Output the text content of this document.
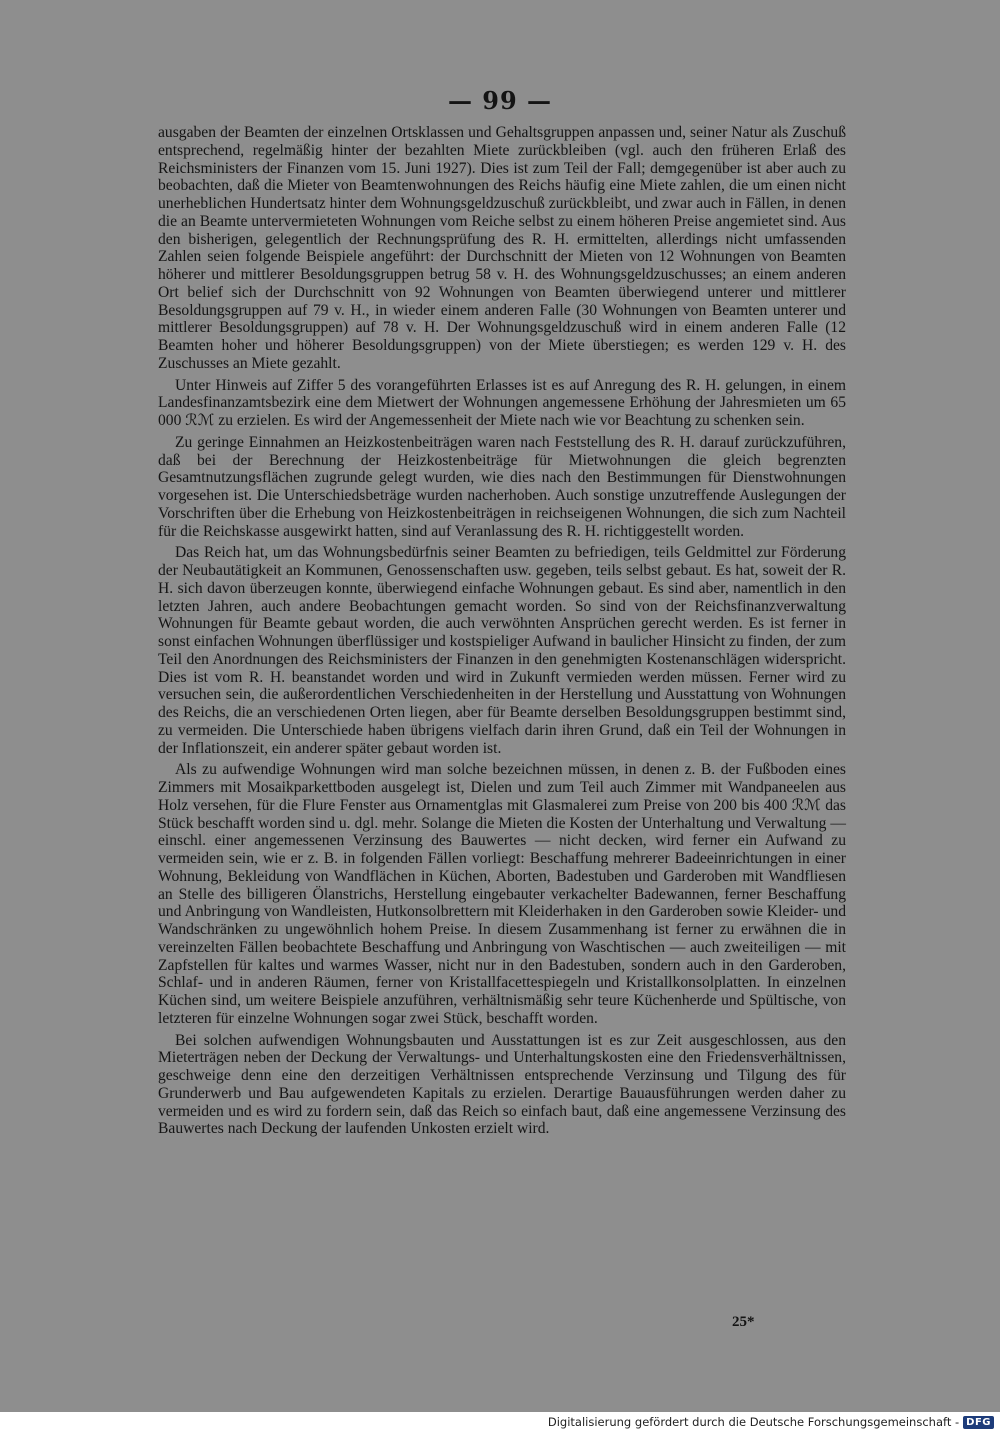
— 99 —

ausgaben der Beamten der einzelnen Ortsklassen und Gehaltsgruppen anpassen und, seiner Natur als Zuschuß entsprechend, regelmäßig hinter der bezahlten Miete zurückbleiben (vgl. auch den früheren Erlaß des Reichsministers der Finanzen vom 15. Juni 1927). Dies ist zum Teil der Fall; demgegenüber ist aber auch zu beobachten, daß die Mieter von Beamtenwohnungen des Reichs häufig eine Miete zahlen, die um einen nicht unerheblichen Hundertsatz hinter dem Wohnungsgeldzuschuß zurückbleibt, und zwar auch in Fällen, in denen die an Beamte untervermieteten Wohnungen vom Reiche selbst zu einem höheren Preise angemietet sind. Aus den bisherigen, gelegentlich der Rechnungsprüfung des R. H. ermittelten, allerdings nicht umfassenden Zahlen seien folgende Beispiele angeführt: der Durchschnitt der Mieten von 12 Wohnungen von Beamten höherer und mittlerer Besoldungsgruppen betrug 58 v. H. des Wohnungsgeldzuschusses; an einem anderen Ort belief sich der Durchschnitt von 92 Wohnungen von Beamten überwiegend unterer und mittlerer Besoldungsgruppen auf 79 v. H., in wieder einem anderen Falle (30 Wohnungen von Beamten unterer und mittlerer Besoldungsgruppen) auf 78 v. H. Der Wohnungsgeldzuschuß wird in einem anderen Falle (12 Beamten hoher und höherer Besoldungsgruppen) von der Miete überstiegen; es werden 129 v. H. des Zuschusses an Miete gezahlt.

Unter Hinweis auf Ziffer 5 des vorangeführten Erlasses ist es auf Anregung des R. H. gelungen, in einem Landesfinanzamtsbezirk eine dem Mietwert der Wohnungen angemessene Erhöhung der Jahresmieten um 65 000 ℛℳ zu erzielen. Es wird der Angemessenheit der Miete nach wie vor Beachtung zu schenken sein.

Zu geringe Einnahmen an Heizkostenbeiträgen waren nach Feststellung des R. H. darauf zurückzuführen, daß bei der Berechnung der Heizkostenbeiträge für Mietwohnungen die gleich begrenzten Gesamtnutzungsflächen zugrunde gelegt wurden, wie dies nach den Bestimmungen für Dienstwohnungen vorgesehen ist. Die Unterschiedsbeträge wurden nacherhoben. Auch sonstige unzutreffende Auslegungen der Vorschriften über die Erhebung von Heizkostenbeiträgen in reichseigenen Wohnungen, die sich zum Nachteil für die Reichskasse ausgewirkt hatten, sind auf Veranlassung des R. H. richtiggestellt worden.

Das Reich hat, um das Wohnungsbedürfnis seiner Beamten zu befriedigen, teils Geldmittel zur Förderung der Neubautätigkeit an Kommunen, Genossenschaften usw. gegeben, teils selbst gebaut. Es hat, soweit der R. H. sich davon überzeugen konnte, überwiegend einfache Wohnungen gebaut. Es sind aber, namentlich in den letzten Jahren, auch andere Beobachtungen gemacht worden. So sind von der Reichsfinanzverwaltung Wohnungen für Beamte gebaut worden, die auch verwöhnten Ansprüchen gerecht werden. Es ist ferner in sonst einfachen Wohnungen überflüssiger und kostspieliger Aufwand in baulicher Hinsicht zu finden, der zum Teil den Anordnungen des Reichsministers der Finanzen in den genehmigten Kostenanschlägen widerspricht. Dies ist vom R. H. beanstandet worden und wird in Zukunft vermieden werden müssen. Ferner wird zu versuchen sein, die außerordentlichen Verschiedenheiten in der Herstellung und Ausstattung von Wohnungen des Reichs, die an verschiedenen Orten liegen, aber für Beamte derselben Besoldungsgruppen bestimmt sind, zu vermeiden. Die Unterschiede haben übrigens vielfach darin ihren Grund, daß ein Teil der Wohnungen in der Inflationszeit, ein anderer später gebaut worden ist.

Als zu aufwendige Wohnungen wird man solche bezeichnen müssen, in denen z. B. der Fußboden eines Zimmers mit Mosaikparkettboden ausgelegt ist, Dielen und zum Teil auch Zimmer mit Wandpaneelen aus Holz versehen, für die Flure Fenster aus Ornamentglas mit Glasmalerei zum Preise von 200 bis 400 ℛℳ das Stück beschafft worden sind u. dgl. mehr. Solange die Mieten die Kosten der Unterhaltung und Verwaltung — einschl. einer angemessenen Verzinsung des Bauwertes — nicht decken, wird ferner ein Aufwand zu vermeiden sein, wie er z. B. in folgenden Fällen vorliegt: Beschaffung mehrerer Badeeinrichtungen in einer Wohnung, Bekleidung von Wandflächen in Küchen, Aborten, Badestuben und Garderoben mit Wandfliesen an Stelle des billigeren Ölanstrichs, Herstellung eingebauter verkachelter Badewannen, ferner Beschaffung und Anbringung von Wandleisten, Hutkonsolbrettern mit Kleiderhaken in den Garderoben sowie Kleider- und Wandschränken zu ungewöhnlich hohem Preise. In diesem Zusammenhang ist ferner zu erwähnen die in vereinzelten Fällen beobachtete Beschaffung und Anbringung von Waschtischen — auch zweiteiligen — mit Zapfstellen für kaltes und warmes Wasser, nicht nur in den Badestuben, sondern auch in den Garderoben, Schlaf- und in anderen Räumen, ferner von Kristallfacettespiegeln und Kristallkonsolplatten. In einzelnen Küchen sind, um weitere Beispiele anzuführen, verhältnismäßig sehr teure Küchenherde und Spültische, von letzteren für einzelne Wohnungen sogar zwei Stück, beschafft worden.

Bei solchen aufwendigen Wohnungsbauten und Ausstattungen ist es zur Zeit ausgeschlossen, aus den Mieterträgen neben der Deckung der Verwaltungs- und Unterhaltungskosten eine den Friedensverhältnissen, geschweige denn eine den derzeitigen Verhältnissen entsprechende Verzinsung und Tilgung des für Grunderwerb und Bau aufgewendeten Kapitals zu erzielen. Derartige Bauausführungen werden daher zu vermeiden und es wird zu fordern sein, daß das Reich so einfach baut, daß eine angemessene Verzinsung des Bauwertes nach Deckung der laufenden Unkosten erzielt wird.

25*
Digitalisierung gefördert durch die Deutsche Forschungsgemeinschaft - DFG
